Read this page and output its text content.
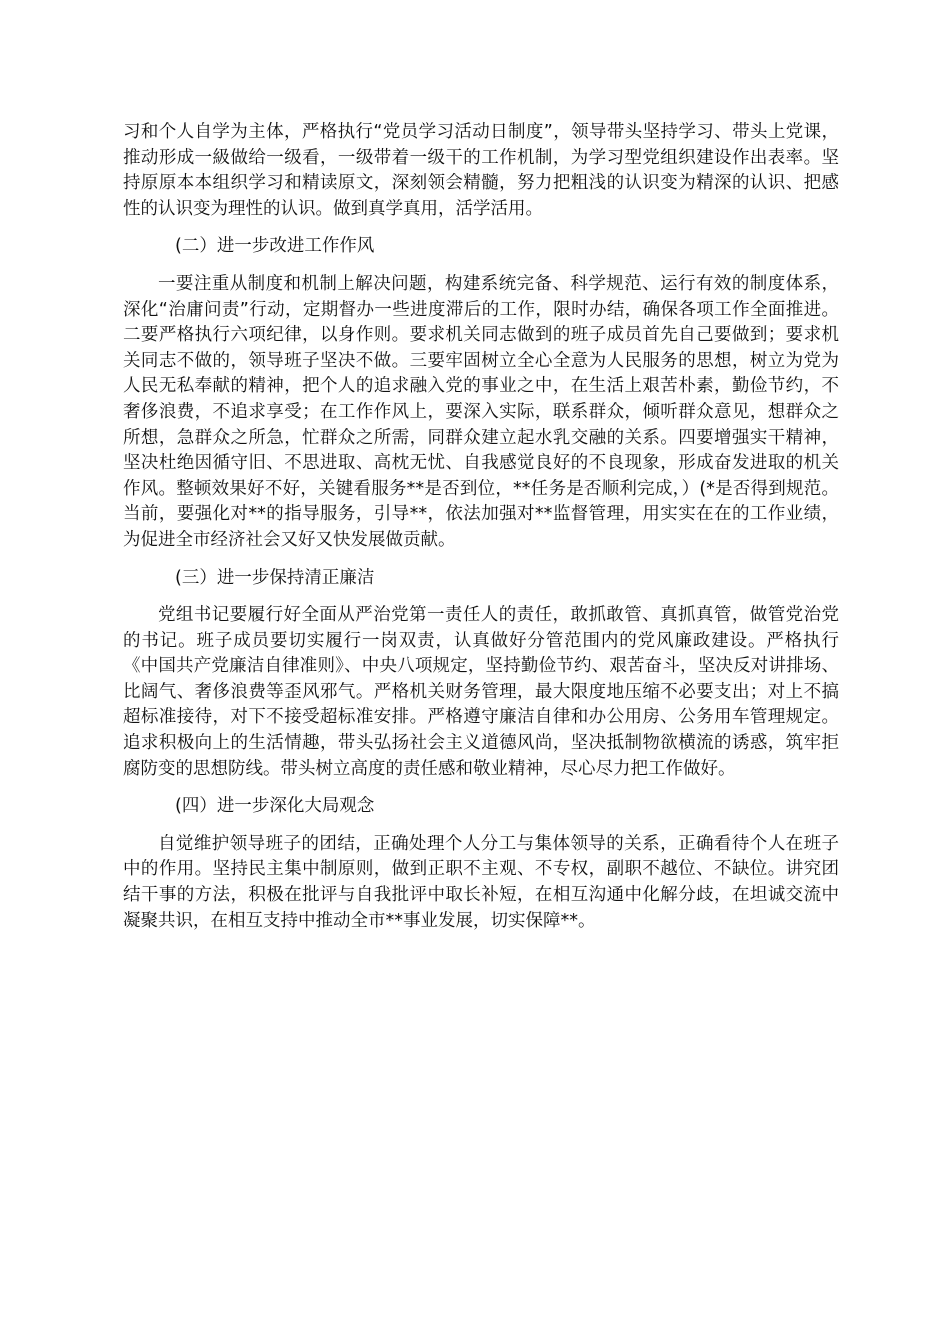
习和个人自学为主体，严格执行“党员学习活动日制度”，领导带头坚持学习、带头上党课，推动形成一級做给一级看，一级带着一级干的工作机制，为学习型党组织建设作出表率。坚持原原本本组织学习和精读原文，深刻领会精髓，努力把粗浅的认识变为精深的认识、把感性的认识变为理性的认识。做到真学真用，活学活用。

(二）进一步改进工作作风

一要注重从制度和机制上解决问题，构建系统完备、科学规范、运行有效的制度体系，深化“治庸问责”行动，定期督办一些进度滞后的工作，限时办结，确保各项工作全面推进。二要严格执行六项纪律，以身作则。要求机关同志做到的班子成员首先自己要做到；要求机关同志不做的，领导班子坚决不做。三要牢固树立全心全意为人民服务的思想，树立为党为人民无私奉献的精神，把个人的追求融入党的事业之中，在生活上艰苦朴素，勤俭节约，不奢侈浪费，不追求享受；在工作作风上，要深入实际，联系群众，倾听群众意见，想群众之所想，急群众之所急，忙群众之所需，同群众建立起水乳交融的关系。四要增强实干精神，坚决杜绝因循守旧、不思进取、高枕无忧、自我感觉良好的不良现象，形成奋发进取的机关作风。整顿效果好不好，关键看服务**是否到位，**任务是否顺利完成，）(*是否得到规范。当前，要强化对**的指导服务，引导**，依法加强对**监督管理，用实实在在的工作业绩，为促进全市经济社会又好又快发展做贡献。

(三）进一步保持清正廉洁

党组书记要履行好全面从严治党第一责任人的责任，敢抓敢管、真抓真管，做管党治党的书记。班子成员要切实履行一岗双责，认真做好分管范围内的党风廉政建设。严格执行《中国共产党廉洁自律准则》、中央八项规定，坚持勤俭节约、艰苦奋斗，坚决反对讲排场、比阔气、奢侈浪费等歪风邪气。严格机关财务管理，最大限度地压缩不必要支出；对上不搞超标准接待，对下不接受超标准安排。严格遵守廉洁自律和办公用房、公务用车管理规定。追求积极向上的生活情趣，带头弘扬社会主义道德风尚，坚决抵制物欲横流的诱惑，筑牢拒腐防变的思想防线。带头树立高度的责任感和敬业精神，尽心尽力把工作做好。

(四）进一步深化大局观念

自觉维护领导班子的团结，正确处理个人分工与集体领导的关系，正确看待个人在班子中的作用。坚持民主集中制原则，做到正职不主观、不专权，副职不越位、不缺位。讲究团结干事的方法，积极在批评与自我批评中取长补短，在相互沟通中化解分歧，在坦诚交流中凝聚共识，在相互支持中推动全市**事业发展，切实保障**。
